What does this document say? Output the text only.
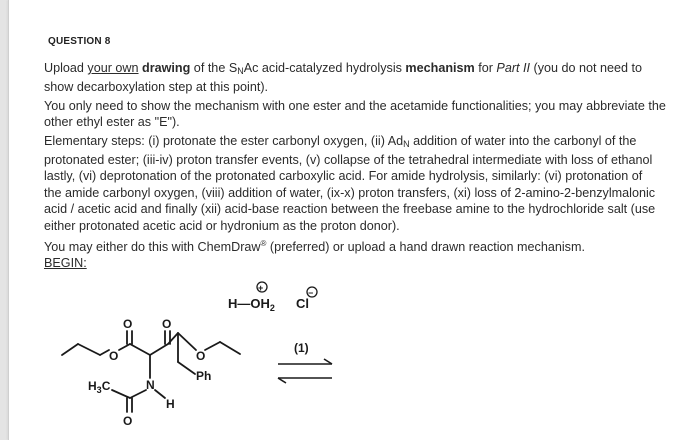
QUESTION 8
Upload your own drawing of the $S_NAc$ acid-catalyzed hydrolysis mechanism for Part II (you do not need to
show decarboxylation step at this point).
You only need to show the mechanism with one ester and the acetamide functionalities; you may abbreviate the
other ethyl ester as "E").
Elementary steps: (i) protonate the ester carbonyl oxygen, (ii) $Ad_N$ addition of water into the carbonyl of the
protonated ester; (iii-iv) proton transfer events, (v) collapse of the tetrahedral intermediate with loss of ethanol
lastly, (vi) deprotonation of the protonated carboxylic acid. For amide hydrolysis, similarly: (vi) protonation of
the amide carbonyl oxygen, (viii) addition of water, (ix-x) proton transfers, (xi) loss of 2-amino-2-benzylmalonic
acid / acetic acid and finally (xii) acid-base reaction between the freebase amine to the hydrochloride salt (use
either protonated acetic acid or hydronium as the proton donor).
You may either do this with ChemDraw® (preferred) or upload a hand drawn reaction mechanism.
BEGIN:
O
O
O
O
Ph
N
H
$H_3C$
O
$H—OH_2$
+
Cl
−
(1)
